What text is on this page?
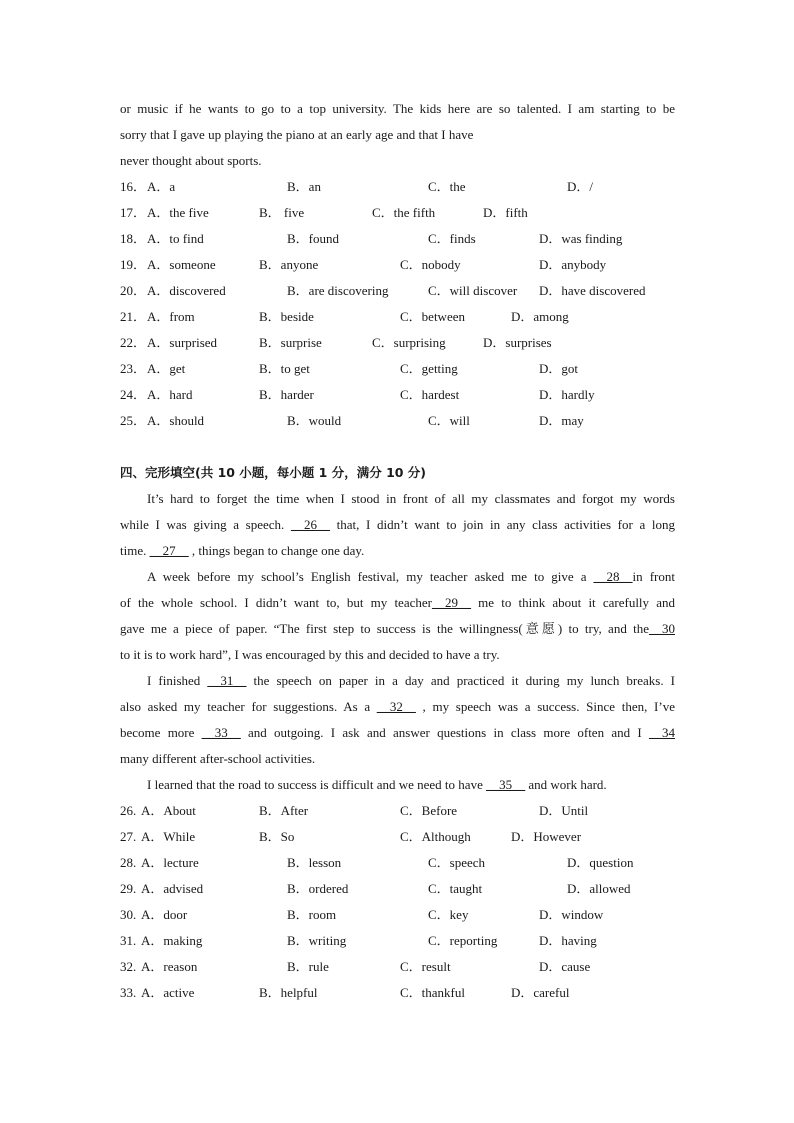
or music if he wants to go to a top university. The kids here are so talented. I am starting to be
sorry that I gave up playing the piano at an early age and that I have
never thought about sports.
16． A．a	B．an	C．the	D．/
17． A．the five	B． five	C．the fifth	D．fifth
18． A．to find	B．found	C．finds	D．was finding
19． A．someone	B．anyone	C．nobody	D．anybody
20． A．discovered	B．are discovering	C．will discover D．have discovered
21． A．from	B．beside	C．between	D．among
22． A．surprised	B．surprise	C．surprising	D．surprises
23． A．get	B．to get	C．getting	D．got
24． A．hard	B．harder	C．hardest	D．hardly
25． A．should	B．would	C．will	D．may
四、完形填空(共 10 小题，每小题 1 分，满分 10 分)
It’s hard to forget the time when I stood in front of all my classmates and forgot my words
while I was giving a speech. __26__ that, I didn’t want to join in any class activities for a long
time. __27__ , things began to change one day.
A week before my school’s English festival, my teacher asked me to give a __28__in front
of the whole school. I didn’t want to, but my teacher__29__ me to think about it carefully and
gave me a piece of paper. “The first step to success is the willingness(意愿) to try, and the__30
to it is to work hard”, I was encouraged by this and decided to have a try.
I finished __31__ the speech on paper in a day and practiced it during my lunch breaks. I
also asked my teacher for suggestions. As a __32__ , my speech was a success. Since then, I’ve
become more __33__ and outgoing. I ask and answer questions in class more often and I __34
many different after-school activities.
I learned that the road to success is difficult and we need to have __35__ and work hard.
26. A．About	B．After	C．Before	D．Until
27. A．While	B．So	C．Although	D．However
28. A．lecture	B．lesson	C．speech	D．question
29. A．advised	B．ordered	C．taught	D．allowed
30. A．door	B．room	C．key	D．window
31. A．making	B．writing	C．reporting	D．having
32. A．reason	B．rule	C．result	D．cause
33. A．active	B．helpful	C．thankful	D．careful
